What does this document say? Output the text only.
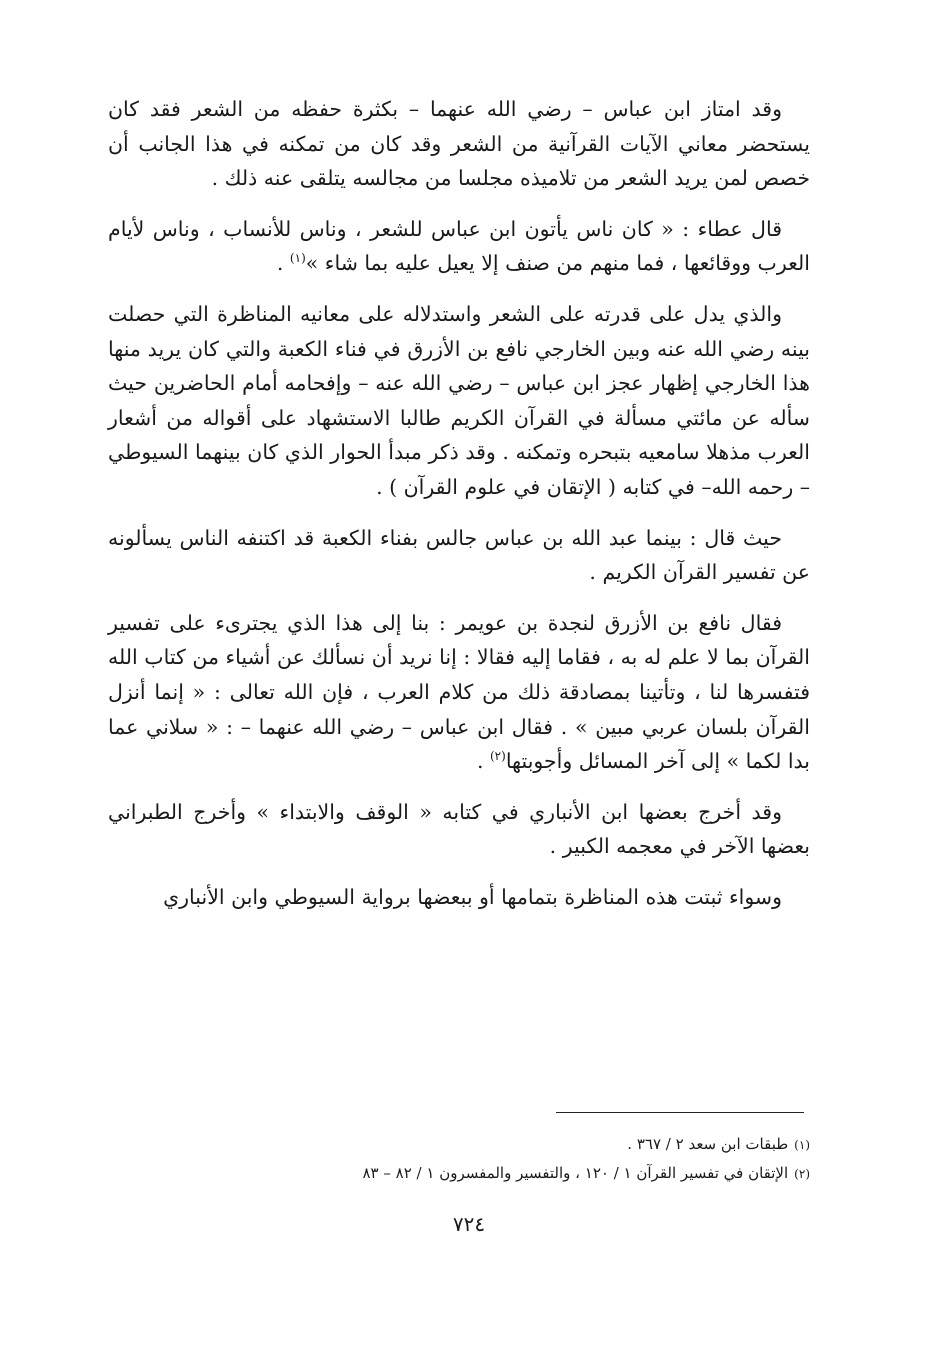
وقد امتاز ابن عباس – رضي الله عنهما – بكثرة حفظه من الشعر فقد كان يستحضر معاني الآيات القرآنية من الشعر وقد كان من تمكنه في هذا الجانب أن خصص لمن يريد الشعر من تلاميذه مجلسا من مجالسه يتلقى عنه ذلك .

قال عطاء : « كان ناس يأتون ابن عباس للشعر ، وناس للأنساب ، وناس لأيام العرب ووقائعها ، فما منهم من صنف إلا يعيل عليه بما شاء »$^{(١)}$ .

والذي يدل على قدرته على الشعر واستدلاله على معانيه المناظرة التي حصلت بينه رضي الله عنه وبين الخارجي نافع بن الأزرق في فناء الكعبة والتي كان يريد منها هذا الخارجي إظهار عجز ابن عباس – رضي الله عنه – وإفحامه أمام الحاضرين حيث سأله عن مائتي مسألة في القرآن الكريم طالبا الاستشهاد على أقواله من أشعار العرب مذهلا سامعيه بتبحره وتمكنه . وقد ذكر مبدأ الحوار الذي كان بينهما السيوطي – رحمه الله– في كتابه ( الإتقان في علوم القرآن ) .

حيث قال : بينما عبد الله بن عباس جالس بفناء الكعبة قد اكتنفه الناس يسألونه عن تفسير القرآن الكريم .

فقال نافع بن الأزرق لنجدة بن عويمر : بنا إلى هذا الذي يجترىء على تفسير القرآن بما لا علم له به ، فقاما إليه فقالا : إنا نريد أن نسألك عن أشياء من كتاب الله فتفسرها لنا ، وتأتينا بمصادقة ذلك من كلام العرب ، فإن الله تعالى : « إنما أنزل القرآن بلسان عربي مبين » . فقال ابن عباس – رضي الله عنهما – : « سلاني عما بدا لكما » إلى آخر المسائل وأجوبتها$^{(٢)}$ .

وقد أخرج بعضها ابن الأنباري في كتابه « الوقف والابتداء » وأخرج الطبراني بعضها الآخر في معجمه الكبير .

وسواء ثبتت هذه المناظرة بتمامها أو ببعضها برواية السيوطي وابن الأنباري

(١)طبقات ابن سعد ٢ / ٣٦٧ .

(٢)الإتقان في تفسير القرآن ١ / ١٢٠ ، والتفسير والمفسرون ١ / ٨٢ – ٨٣

٧٢٤
